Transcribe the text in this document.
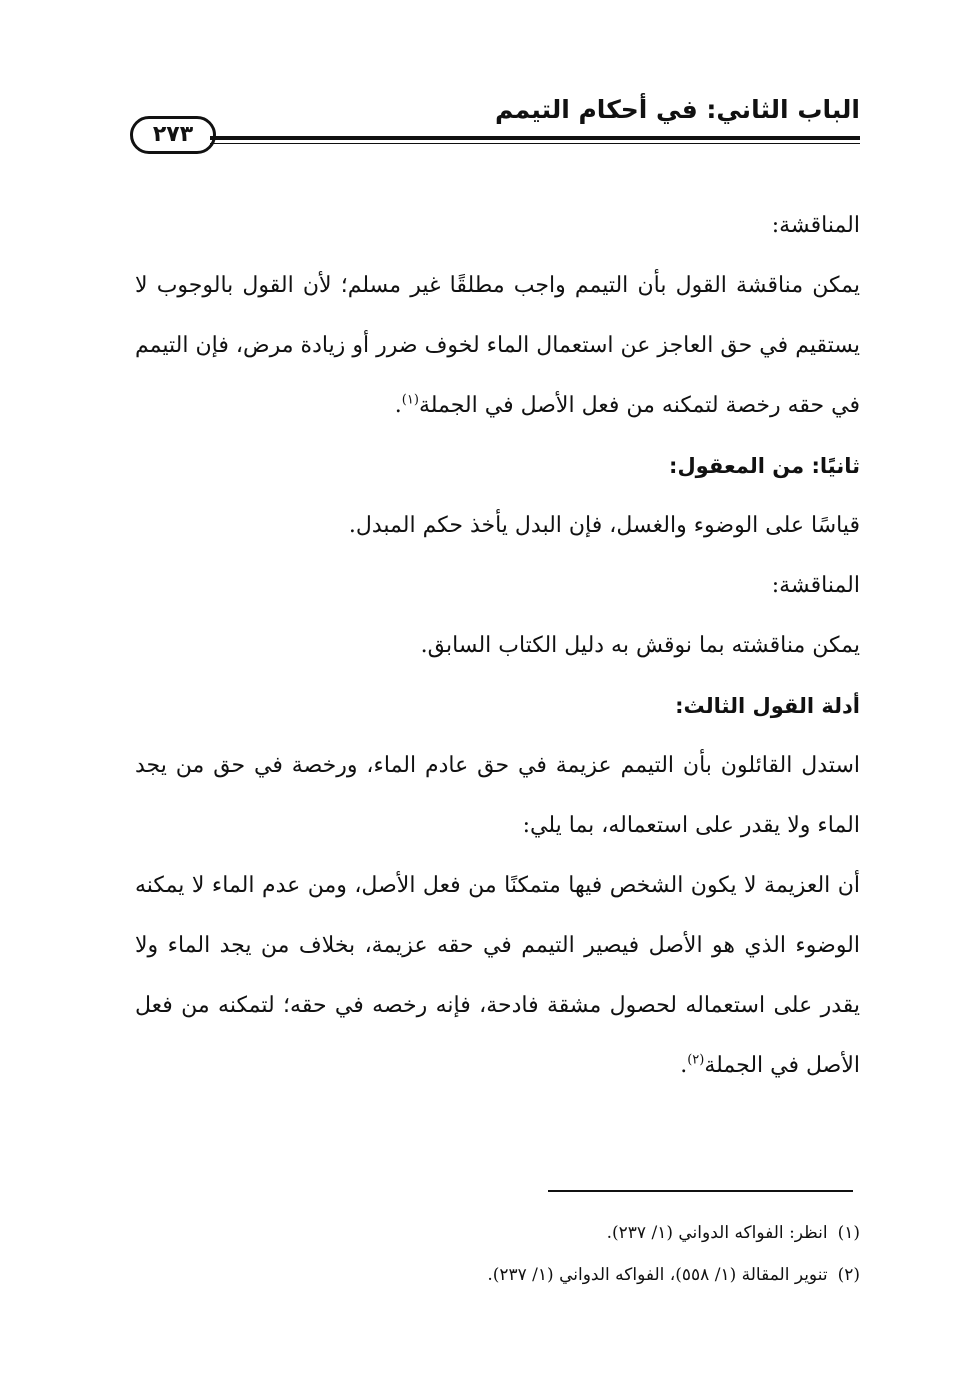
الباب الثاني: في أحكام التيمم
٢٧٣

المناقشة:

يمكن مناقشة القول بأن التيمم واجب مطلقًا غير مسلم؛ لأن القول بالوجوب لا يستقيم في حق العاجز عن استعمال الماء لخوف ضرر أو زيادة مرض، فإن التيمم في حقه رخصة لتمكنه من فعل الأصل في الجملة$^{(١)}$.

ثانيًا: من المعقول:

قياسًا على الوضوء والغسل، فإن البدل يأخذ حكم المبدل.

المناقشة:

يمكن مناقشته بما نوقش به دليل الكتاب السابق.

أدلة القول الثالث:

استدل القائلون بأن التيمم عزيمة في حق عادم الماء، ورخصة في حق من يجد الماء ولا يقدر على استعماله، بما يلي:

أن العزيمة لا يكون الشخص فيها متمكنًا من فعل الأصل، ومن عدم الماء لا يمكنه الوضوء الذي هو الأصل فيصير التيمم في حقه عزيمة، بخلاف من يجد الماء ولا يقدر على استعماله لحصول مشقة فادحة، فإنه رخصه في حقه؛ لتمكنه من فعل الأصل في الجملة$^{(٢)}$.

(١)انظر: الفواكه الدواني (١/ ٢٣٧).

(٢)تنوير المقالة (١/ ٥٥٨)، الفواكه الدواني (١/ ٢٣٧).
